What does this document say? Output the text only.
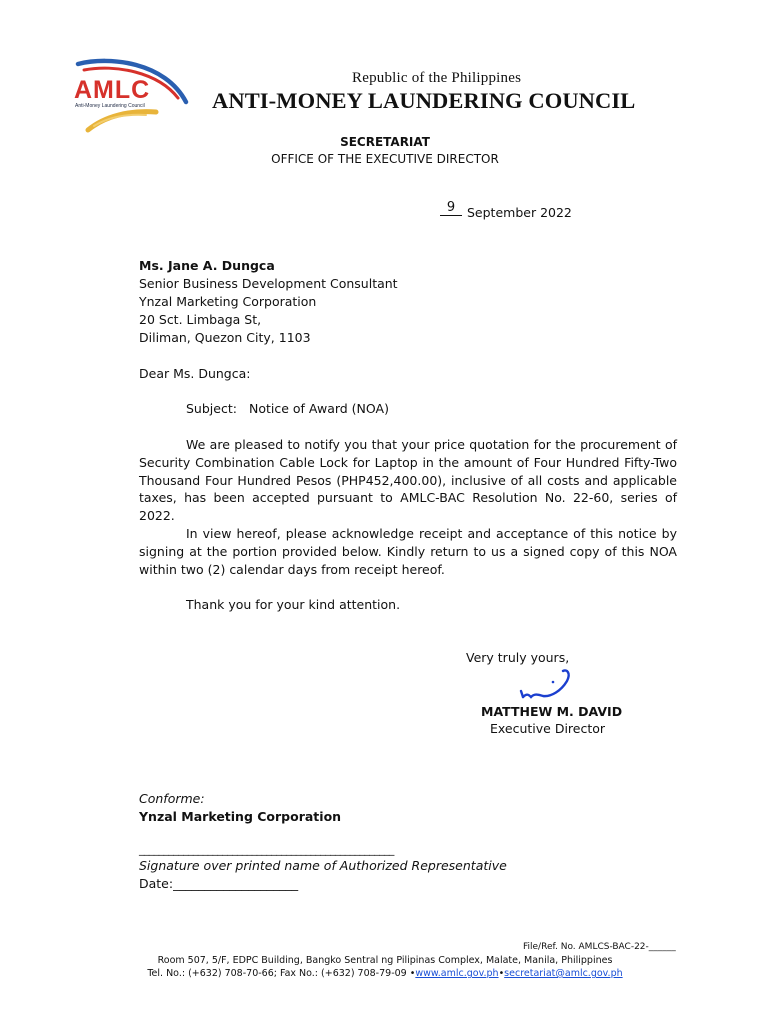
AMLC
Anti-Money Laundering Council
Republic of the Philippines
ANTI-MONEY LAUNDERING COUNCIL
SECRETARIAT
OFFICE OF THE EXECUTIVE DIRECTOR
9 September 2022
Ms. Jane A. Dungca
Senior Business Development Consultant
Ynzal Marketing Corporation
20 Sct. Limbaga St,
Diliman, Quezon City, 1103
Dear Ms. Dungca:
Subject: Notice of Award (NOA)
We are pleased to notify you that your price quotation for the procurement of Security Combination Cable Lock for Laptop in the amount of Four Hundred Fifty-Two Thousand Four Hundred Pesos (PHP452,400.00), inclusive of all costs and applicable taxes, has been accepted pursuant to AMLC-BAC Resolution No. 22-60, series of 2022.
In view hereof, please acknowledge receipt and acceptance of this notice by signing at the portion provided below. Kindly return to us a signed copy of this NOA within two (2) calendar days from receipt hereof.
Thank you for your kind attention.
Very truly yours,
MATTHEW M. DAVID
Executive Director
Conforme:
Ynzal Marketing Corporation
____________________________________________________
Signature over printed name of Authorized Representative
Date:____________________
File/Ref. No. AMLCS-BAC-22-______
Room 507, 5/F, EDPC Building, Bangko Sentral ng Pilipinas Complex, Malate, Manila, Philippines
Tel. No.: (+632) 708-70-66; Fax No.: (+632) 708-79-09 •www.amlc.gov.ph•secretariat@amlc.gov.ph
